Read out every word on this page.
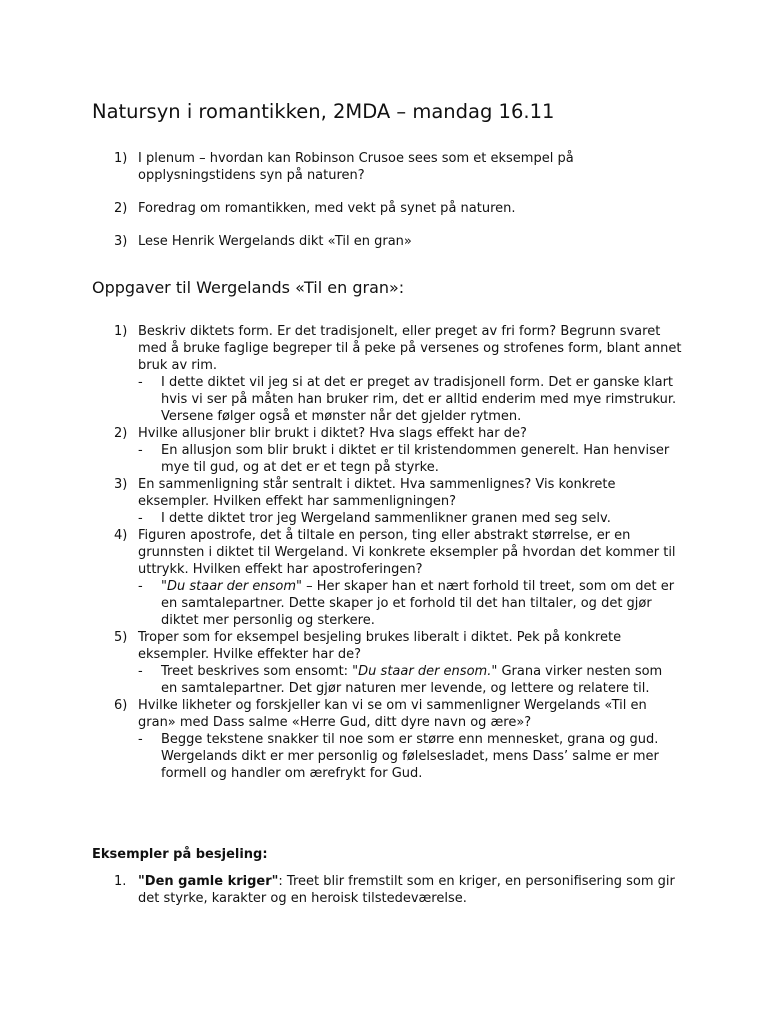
Natursyn i romantikken, 2MDA – mandag 16.11
1) I plenum – hvordan kan Robinson Crusoe sees som et eksempel på opplysningstidens syn på naturen?
2) Foredrag om romantikken, med vekt på synet på naturen.
3) Lese Henrik Wergelands dikt «Til en gran»
Oppgaver til Wergelands «Til en gran»:
1) Beskriv diktets form. Er det tradisjonelt, eller preget av fri form? Begrunn svaret med å bruke faglige begreper til å peke på versenes og strofenes form, blant annet bruk av rim.
- I dette diktet vil jeg si at det er preget av tradisjonell form. Det er ganske klart hvis vi ser på måten han bruker rim, det er alltid enderim med mye rimstrukur. Versene følger også et mønster når det gjelder rytmen.
2) Hvilke allusjoner blir brukt i diktet? Hva slags effekt har de?
- En allusjon som blir brukt i diktet er til kristendommen generelt. Han henviser mye til gud, og at det er et tegn på styrke.
3) En sammenligning står sentralt i diktet. Hva sammenlignes? Vis konkrete eksempler. Hvilken effekt har sammenligningen?
- I dette diktet tror jeg Wergeland sammenlikner granen med seg selv.
4) Figuren apostrofe, det å tiltale en person, ting eller abstrakt størrelse, er en grunnsten i diktet til Wergeland. Vi konkrete eksempler på hvordan det kommer til uttrykk. Hvilken effekt har apostroferingen?
- "Du staar der ensom" – Her skaper han et nært forhold til treet, som om det er en samtalepartner. Dette skaper jo et forhold til det han tiltaler, og det gjør diktet mer personlig og sterkere.
5) Troper som for eksempel besjeling brukes liberalt i diktet. Pek på konkrete eksempler. Hvilke effekter har de?
- Treet beskrives som ensomt: "Du staar der ensom." Grana virker nesten som en samtalepartner. Det gjør naturen mer levende, og lettere og relatere til.
6) Hvilke likheter og forskjeller kan vi se om vi sammenligner Wergelands «Til en gran» med Dass salme «Herre Gud, ditt dyre navn og ære»?
- Begge tekstene snakker til noe som er større enn mennesket, grana og gud. Wergelands dikt er mer personlig og følelsesladet, mens Dass’ salme er mer formell og handler om ærefrykt for Gud.
Eksempler på besjeling:
1. "Den gamle kriger": Treet blir fremstilt som en kriger, en personifisering som gir det styrke, karakter og en heroisk tilstedeværelse.
